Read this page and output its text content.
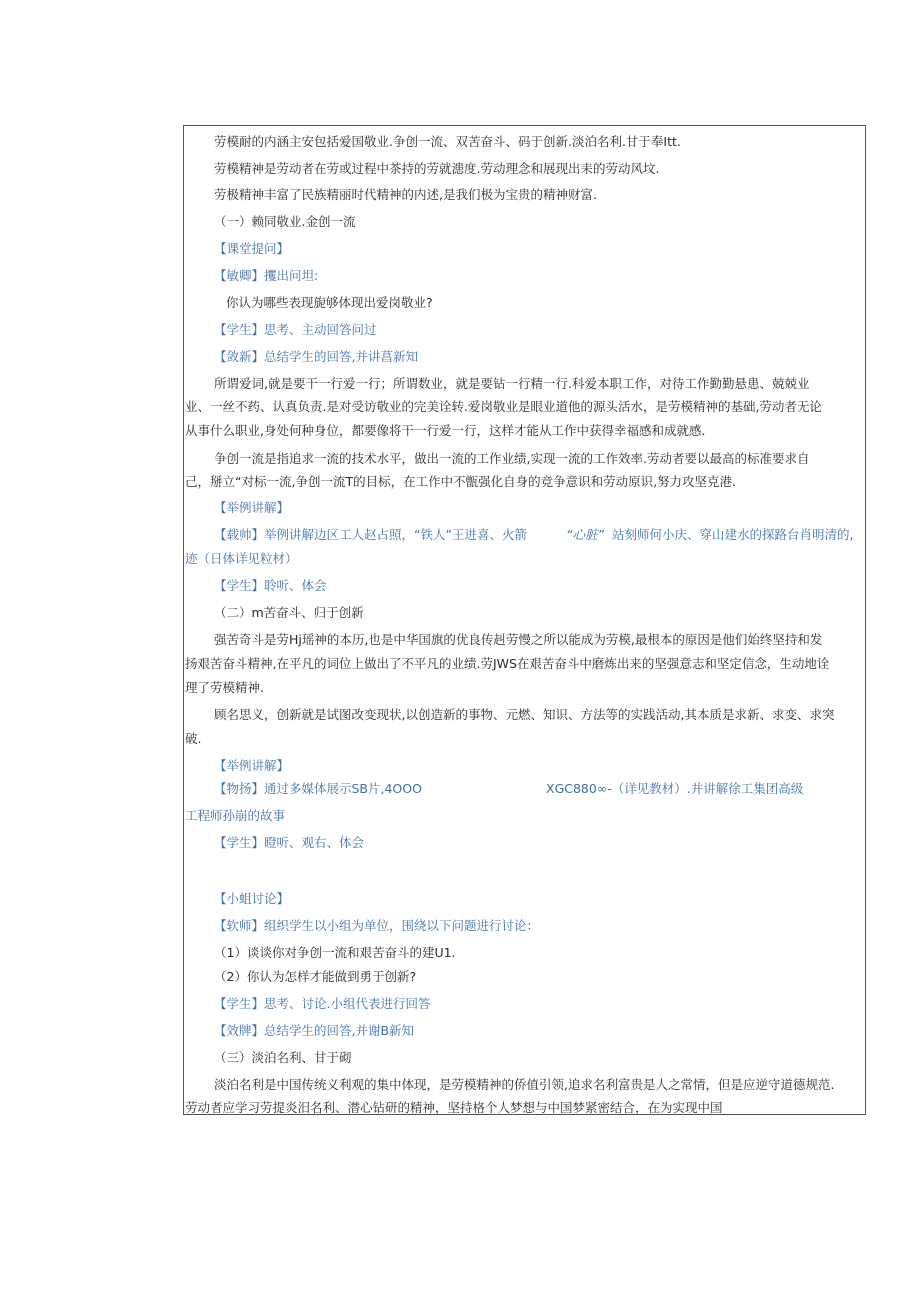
劳模耐的内涵主安包括爱国敬业.争创一流、双苦奋斗、码于创新.淡泊名利.甘于奉Itt.
劳模精神是劳动者在劳或过程中茶持的劳就漶度.劳动理念和展现出耒的劳动风坟.
劳极精神丰富了民族精丽时代精神的内述,是我们极为宝贵的精神财富.
（一）赖同敬业.金创一流
【课堂提问】
【敏卿】攫出问坦:
你认为哪些表现旎够体现出爱岗敬业?
【学生】思考、主动回答问过
【敛新】总结学生的回答,并讲菖新知
所谓爱词,就是要干一行爱一行；所谓数业，就是要钻一行精一行.科爱本职工作，对待工作勤勤悬患、兢兢业
业、一丝不药、认真负责.是对受访敬业的完美诠转.爱岗敬业是眼业道他的源头活水，是劳模精神的基础,劳动者无论
从事什么职业,身处何种身位，都要像将干一行爱一行，这样才能从工作中获得幸福感和成就感.
争创一流是指追求一流的技术水平，做出一流的工作业绩,实现一流的工作效率.劳动者要以最高的标准要求自
己，掰立“对标一流,争创一流T的目标，在工作中不甑强化自身的竞争意识和劳动原识,努力攻坚克港.
【举例讲解】
【载帅】举例讲解边区工人赵占照，“铁人”王进喜、火箭	“心脏” 站刻师何小庆、穿山建水的探路台肖明清的,
迹（日体详见粒材）
【学生】聆听、体会
（二）m苦奋斗、归于创新
强苦奇斗是劳Hj瑶神的本历,也是中华国旗的优良传赳劳慢之所以能成为劳模,最根本的原因是他们始终坚持和发
扬艰苦奋斗精神,在平凡的词位上做出了不平凡的业绩.劳JWS在艰苦奋斗中磨炼出来的坚强意志和坚定信念，生动地诠
理了劳模精神.
顾名思义，创新就是试图改变现状,以创造新的事物、元燃、知识、方法等的实践活动,其本质是求新、求变、求突
破.
【举例讲解】
【物扬】通过多媒体展示SB片,4OOO	XGC880∞-（详见教材）.并讲解徐工集团高级
工程师孙崩的故事
【学生】瞪听、观右、体会
【小蛆讨论】
【软师】组织学生以小组为单位，围绕以下问题进行讨论：
（1）谈谈你对争创一流和艰苦奋斗的建U1.
（2）你认为怎样才能做到勇于创新?
【学生】思考、讨论.小组代表进行回答
【效牌】总结学生的回答,并谢B新知
（三）淡泊名利、甘于砌
淡泊名利是中国传统义利观的集中体现，是劳模精神的侨值引领,追求名利富贵是人之常情，但是应逆守道德规范.
劳动者应学习劳提炎汨名利、潜心钻研的精神，坚持格个人梦想与中国梦紧密结合，在为实现中国
